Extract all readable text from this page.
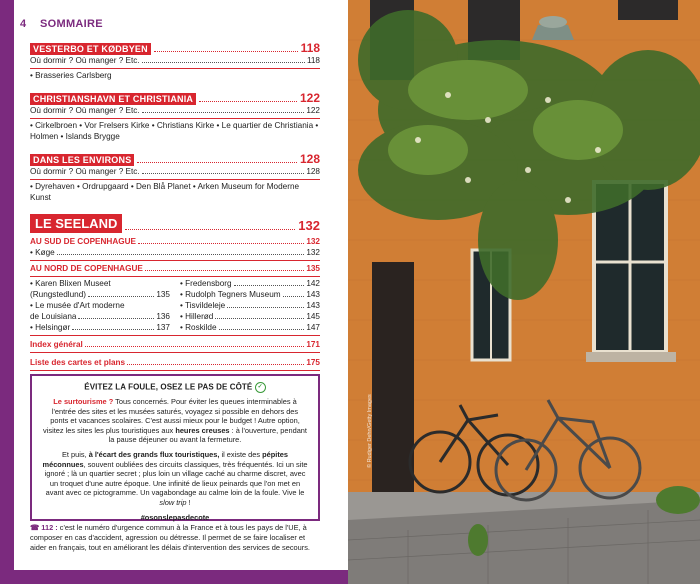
4	SOMMAIRE
VESTERBO ET KØDBYEN	118
Où dormir ? Où manger ? Etc.	118
• Brasseries Carlsberg
CHRISTIANSHAVN ET CHRISTIANIA	122
Où dormir ? Où manger ? Etc.	122
• Cirkelbroen • Vor Frelsers Kirke • Christians Kirke • Le quartier de Christiania • Holmen • Islands Brygge
DANS LES ENVIRONS	128
Où dormir ? Où manger ? Etc.	128
• Dyrehaven • Ordrupgaard • Den Blå Planet • Arken Museum for Moderne Kunst
LE SEELAND	132
AU SUD DE COPENHAGUE	132
• Køge	132
AU NORD DE COPENHAGUE	135
• Karen Blixen Museet
(Rungstedlund)	135
• Le musée d'Art moderne
de Louisiana	136
• Helsingør	137
• Fredensborg	142
• Rudolph Tegners Museum	143
• Tisvildeleje	143
• Hillerød	145
• Roskilde	147
Index général	171
Liste des cartes et plans	175
ÉVITEZ LA FOULE, OSEZ LE PAS DE CÔTÉ ✓

Le surtourisme ? Tous concernés. Pour éviter les queues interminables à l'entrée des sites et les musées saturés, voyagez si possible en dehors des ponts et vacances scolaires. C'est aussi mieux pour le budget ! Autre option, visitez les sites les plus touristiques aux heures creuses : à l'ouverture, pendant la pause déjeuner ou avant la fermeture.

Et puis, à l'écart des grands flux touristiques, il existe des pépites méconnues, souvent oubliées des circuits classiques, très fréquentés. Ici un site ignoré ; là un quartier secret ; plus loin un village caché au charme discret, avec un troquet d'une autre époque. Une infinité de lieux peinards que l'on met en avant avec ce pictogramme. Un vagabondage au calme loin de la foule. Vive le slow trip !

#osonslepasdecote
☎ 112 : c'est le numéro d'urgence commun à la France et à tous les pays de l'UE, à composer en cas d'accident, agression ou détresse. Il permet de se faire localiser et aider en français, tout en améliorant les délais d'intervention des services de secours.
© Rudiger Dehn/Getty Images
